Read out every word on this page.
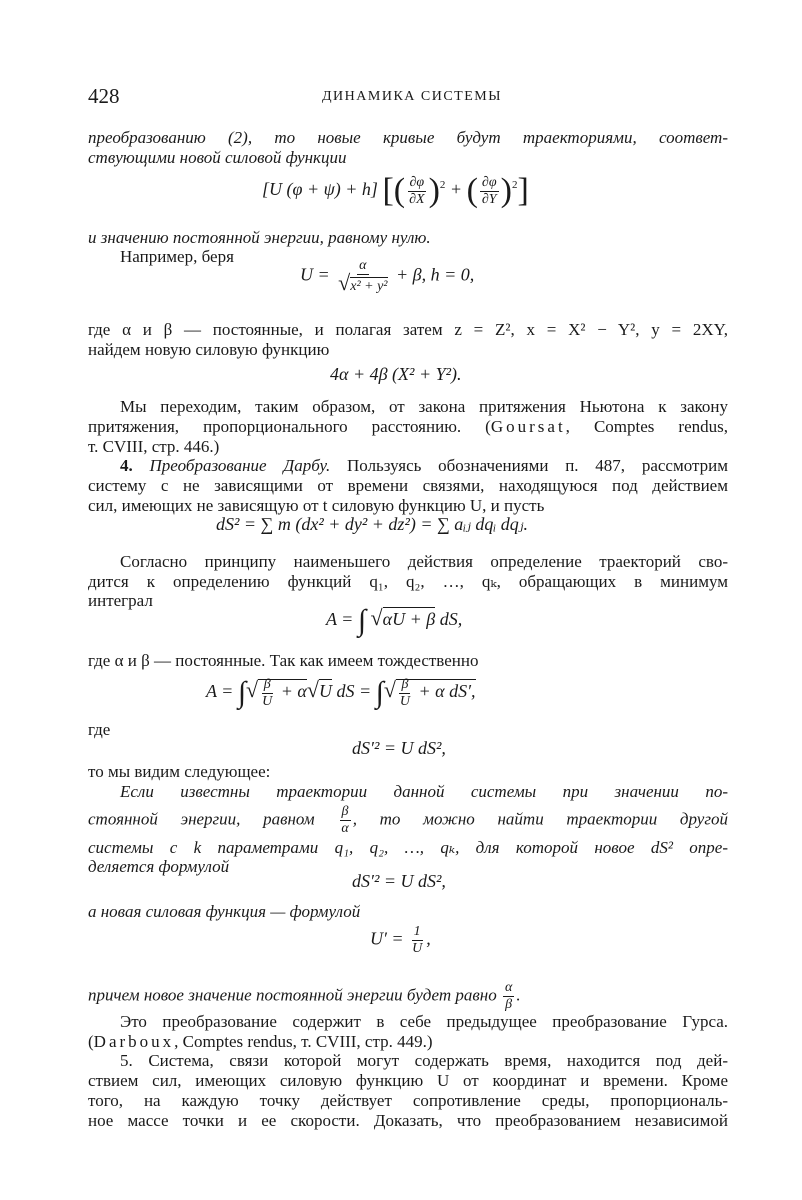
428	ДИНАМИКА СИСТЕМЫ
преобразованию (2), то новые кривые будут траекториями, соответ-
ствующими новой силовой функции
[U (φ + ψ) + h] [( $\frac{\partial\varphi}{\partial X} )^2$ + ( $\frac{\partial\varphi}{\partial Y} )^2$]
и значению постоянной энергии, равному нулю.
Например, беря
$U = \frac{\alpha}{\text{√x² + y²}} + \beta$, h = 0,
где α и β — постоянные, и полагая затем z = Z², x = X² − Y², y = 2XY,
найдем новую силовую функцию
4α + 4β (X² + Y²).
Мы переходим, таким образом, от закона притяжения Ньютона к закону
притяжения, пропорционального расстоянию. (Goursat, Comptes rendus,
т. CVIII, стр. 446.)
4. Преобразование Дарбу. Пользуясь обозначениями п. 487, рассмотрим
систему с не зависящими от времени связями, находящуюся под действием
сил, имеющих не зависящую от t силовую функцию U, и пусть
dS² = ∑ m (dx² + dy² + dz²) = ∑ aᵢⱼ dqᵢ dqⱼ.
Согласно принципу наименьшего действия определение траекторий сво-
дится к определению функций q₁, q₂, …, qₖ, обращающих в минимум
интеграл
A = ∫ √αU + β dS,
где α и β — постоянные. Так как имеем тождественно
A = ∫√ $\frac{\beta}{U} + \alpha√U$ dS = ∫√ $\frac{\beta}{U} + \alpha$ dS′,
где
dS′² = U dS²,
то мы видим следующее:
Если известны траектории данной системы при значении по-
стоянной энергии, равном $\frac{\beta}{\alpha}$ , то можно найти траектории другой
системы с k параметрами q₁, q₂, …, qₖ, для которой новое dS² опре-
деляется формулой
dS′² = U dS²,
а новая силовая функция — формулой
$U' = \frac{1}{U}$ ,
причем новое значение постоянной энергии будет равно $\frac{\alpha}{\beta}$ .
Это преобразование содержит в себе предыдущее преобразование Гурса.
(Darboux, Comptes rendus, т. CVIII, стр. 449.)
5. Система, связи которой могут содержать время, находится под дей-
ствием сил, имеющих силовую функцию U от координат и времени. Кроме
того, на каждую точку действует сопротивление среды, пропорциональ-
ное массе точки и ее скорости. Доказать, что преобразованием независимой
